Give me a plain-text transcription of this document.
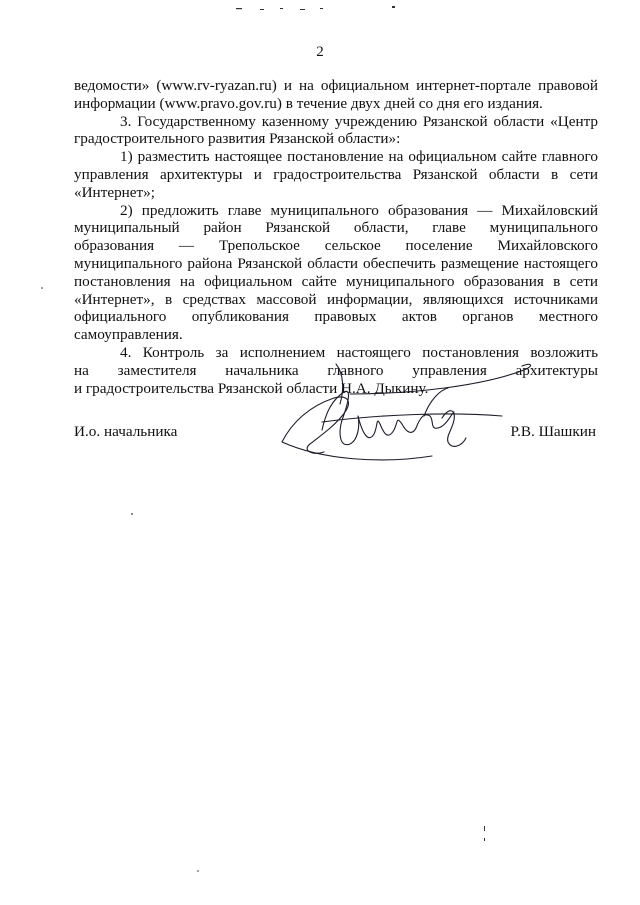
2

ведомости» (www.rv-ryazan.ru) и на официальном интернет-портале правовой

информации (www.pravo.gov.ru) в течение двух дней со дня его издания.

3. Государственному казенному учреждению Рязанской области «Центр

градостроительного развития Рязанской области»:

1) разместить настоящее постановление на официальном сайте главного

управления архитектуры и градостроительства Рязанской области в сети

«Интернет»;

2) предложить главе муниципального образования — Михайловский

муниципальный район Рязанской области, главе муниципального

образования — Трепольское сельское поселение Михайловского

муниципального района Рязанской области обеспечить размещение настоящего

постановления на официальном сайте муниципального образования в сети

«Интернет», в средствах массовой информации, являющихся источниками

официального опубликования правовых актов органов местного

самоуправления.

4. Контроль за исполнением настоящего постановления возложить

на заместителя начальника главного управления архитектуры

и градостроительства Рязанской области Н.А. Дыкину.

И.о. начальника	Р.В. Шашкин
